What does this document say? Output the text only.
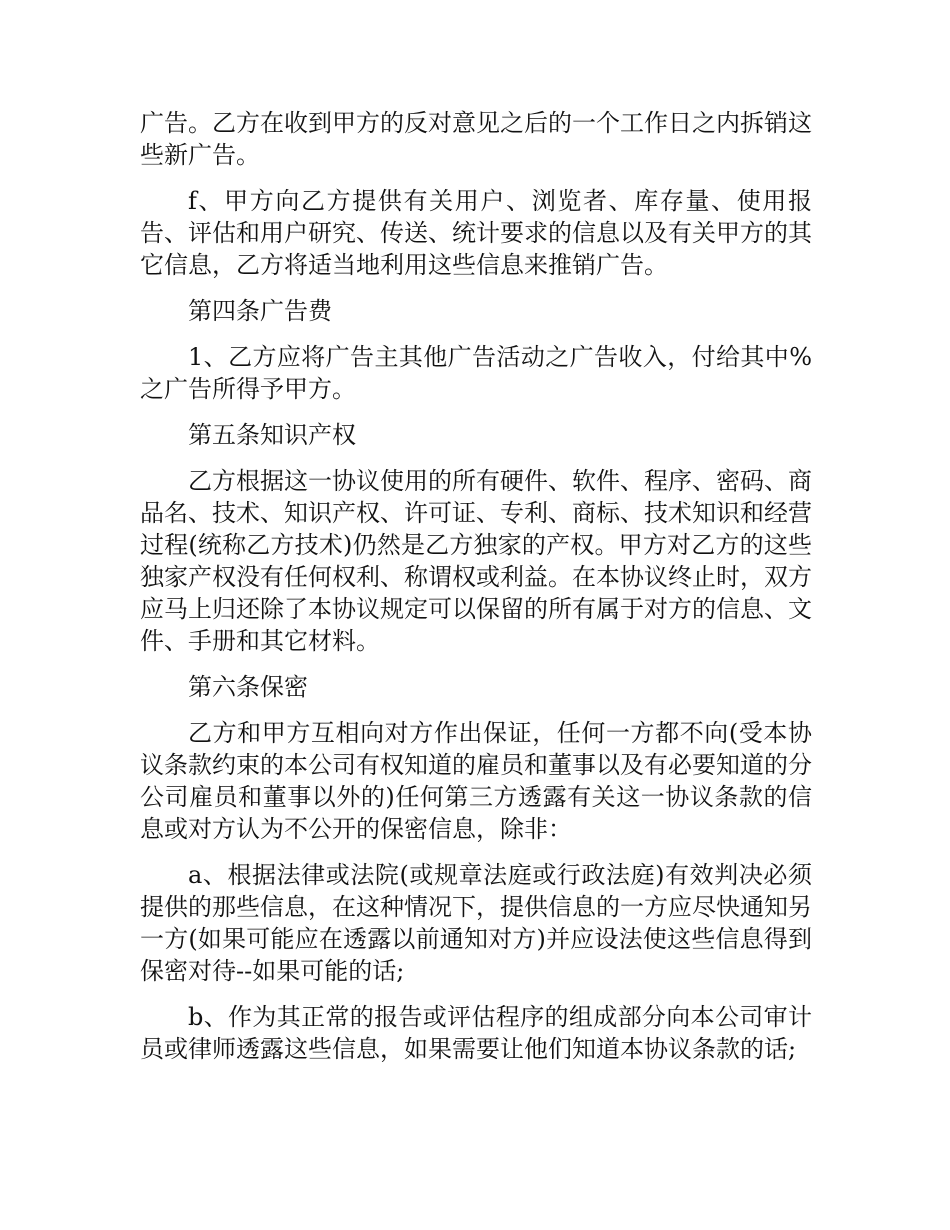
广告。乙方在收到甲方的反对意见之后的一个工作日之内拆销这些新广告。

f、甲方向乙方提供有关用户、浏览者、库存量、使用报告、评估和用户研究、传送、统计要求的信息以及有关甲方的其它信息，乙方将适当地利用这些信息来推销广告。

第四条广告费

1、乙方应将广告主其他广告活动之广告收入，付给其中%之广告所得予甲方。

第五条知识产权

乙方根据这一协议使用的所有硬件、软件、程序、密码、商品名、技术、知识产权、许可证、专利、商标、技术知识和经营过程(统称乙方技术)仍然是乙方独家的产权。甲方对乙方的这些独家产权没有任何权利、称谓权或利益。在本协议终止时，双方应马上归还除了本协议规定可以保留的所有属于对方的信息、文件、手册和其它材料。

第六条保密

乙方和甲方互相向对方作出保证，任何一方都不向(受本协议条款约束的本公司有权知道的雇员和董事以及有必要知道的分公司雇员和董事以外的)任何第三方透露有关这一协议条款的信息或对方认为不公开的保密信息，除非：

a、根据法律或法院(或规章法庭或行政法庭)有效判决必须提供的那些信息，在这种情况下，提供信息的一方应尽快通知另一方(如果可能应在透露以前通知对方)并应设法使这些信息得到保密对待--如果可能的话;

b、作为其正常的报告或评估程序的组成部分向本公司审计员或律师透露这些信息，如果需要让他们知道本协议条款的话;
